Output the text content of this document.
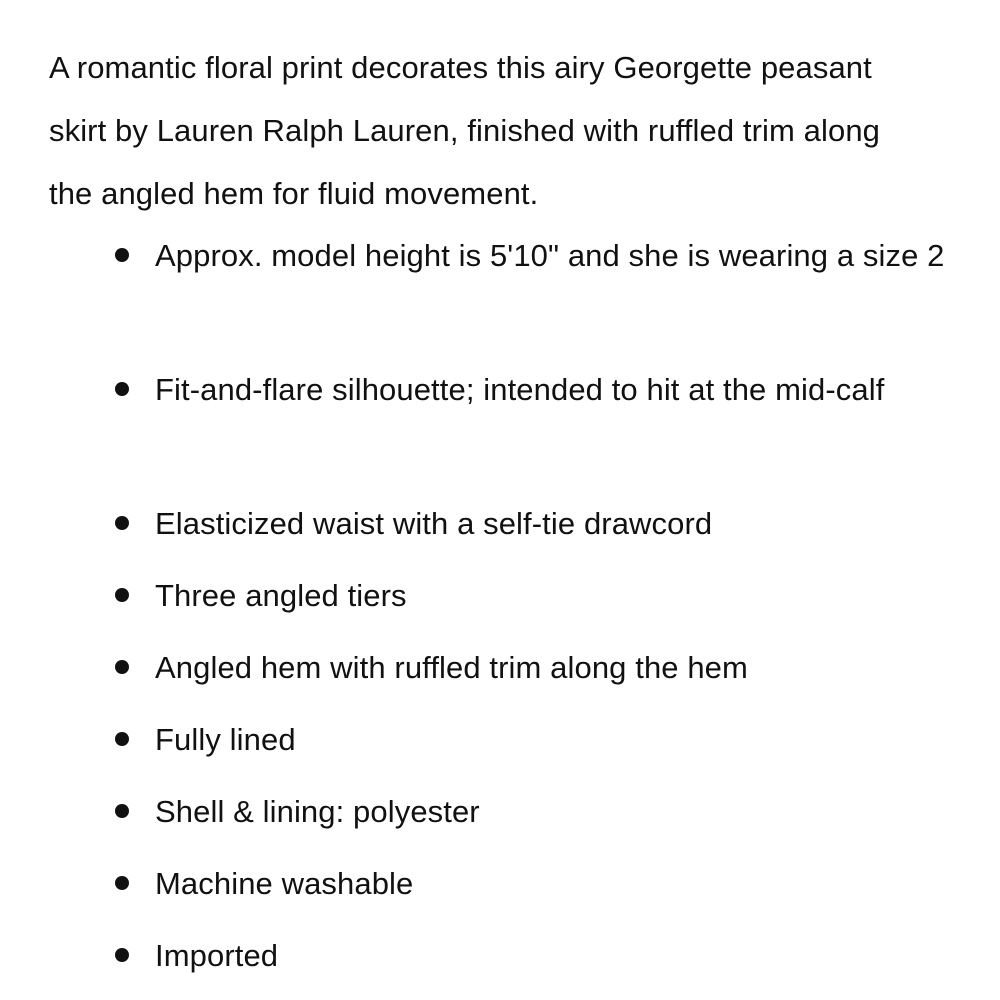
A romantic floral print decorates this airy Georgette peasant skirt by Lauren Ralph Lauren, finished with ruffled trim along the angled hem for fluid movement.

Approx. model height is 5'10" and she is wearing a size 2
Fit-and-flare silhouette; intended to hit at the mid-calf
Elasticized waist with a self-tie drawcord
Three angled tiers
Angled hem with ruffled trim along the hem
Fully lined
Shell & lining: polyester
Machine washable
Imported
